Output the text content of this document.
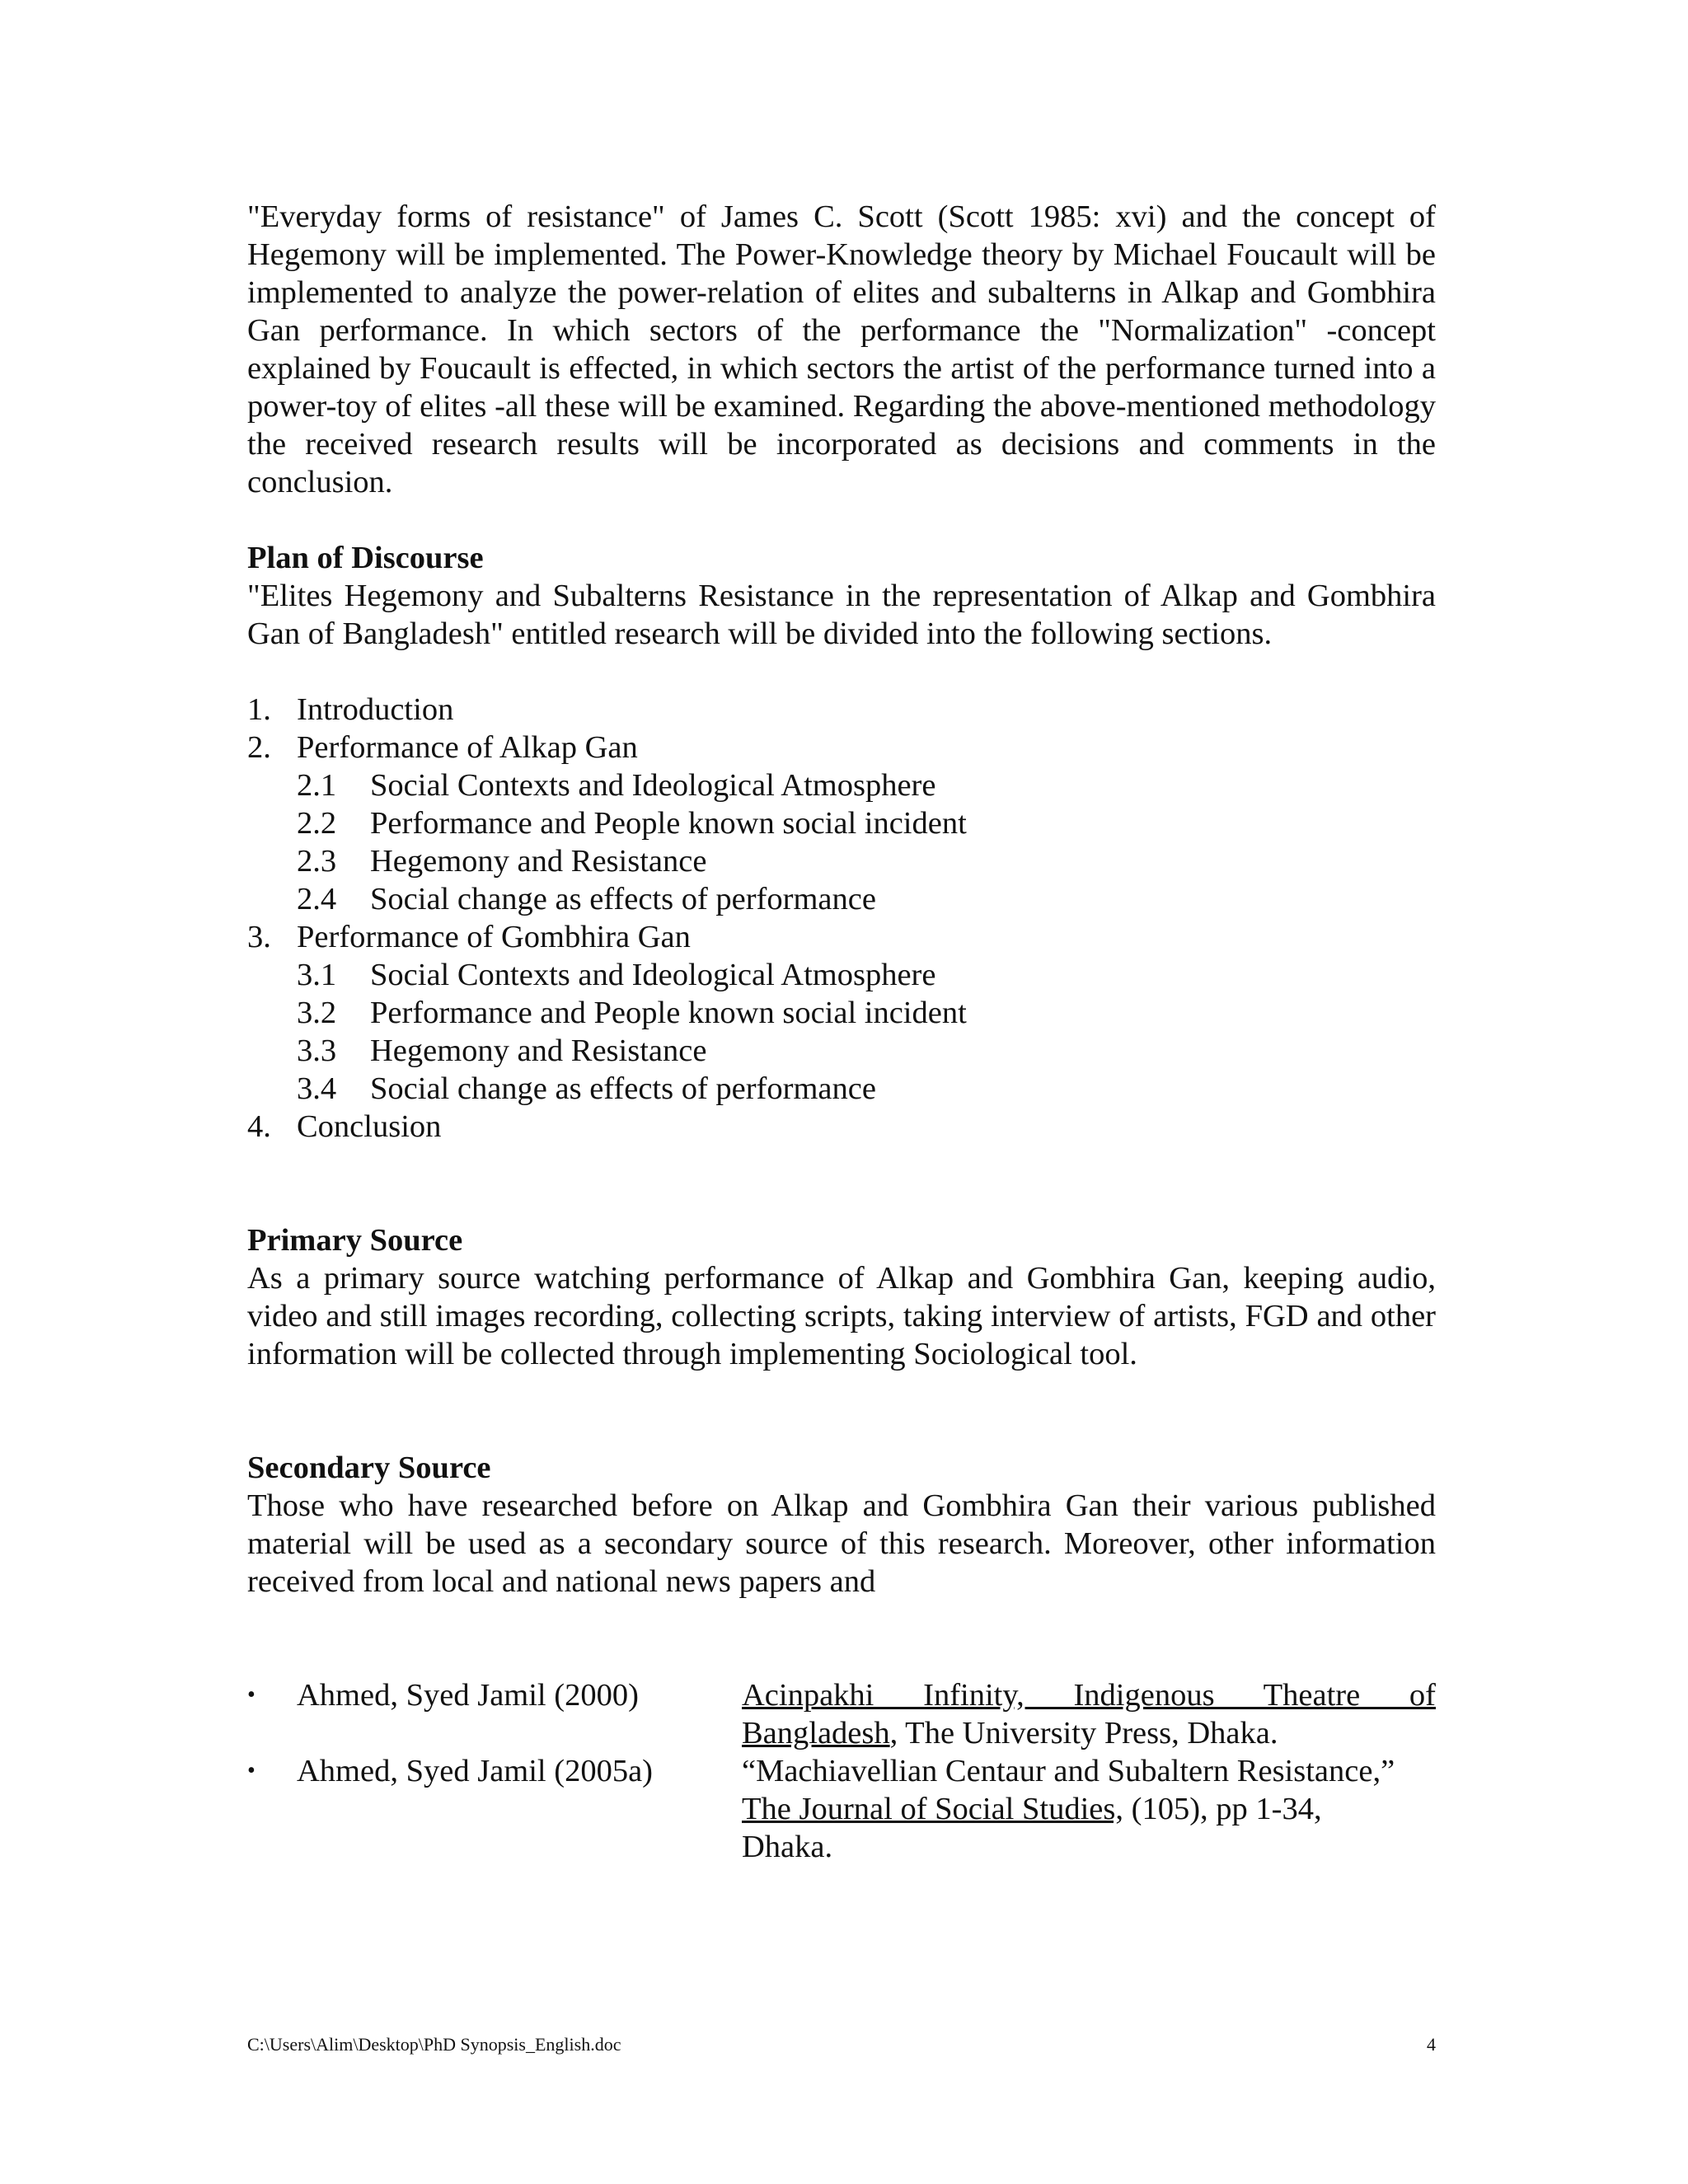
"Everyday forms of resistance" of James C. Scott (Scott 1985: xvi) and the concept of Hegemony will be implemented. The Power-Knowledge theory by Michael Foucault will be implemented to analyze the power-relation of elites and subalterns in Alkap and Gombhira Gan performance. In which sectors of the performance the "Normalization" -concept explained by Foucault is effected, in which sectors the artist of the performance turned into a power-toy of elites -all these will be examined. Regarding the above-mentioned methodology the received research results will be incorporated as decisions and comments in the conclusion.

Plan of Discourse

"Elites Hegemony and Subalterns Resistance in the representation of Alkap and Gombhira Gan of Bangladesh" entitled research will be divided into the following sections.

1. Introduction
2. Performance of Alkap Gan
2.1	Social Contexts and Ideological Atmosphere
2.2	Performance and People known social incident
2.3	Hegemony and Resistance
2.4	Social change as effects of performance
3. Performance of Gombhira Gan
3.1	Social Contexts and Ideological Atmosphere
3.2	Performance and People known social incident
3.3	Hegemony and Resistance
3.4	Social change as effects of performance
4. Conclusion

Primary Source

As a primary source watching performance of Alkap and Gombhira Gan, keeping audio, video and still images recording, collecting scripts, taking interview of artists, FGD and other information will be collected through implementing Sociological tool.

Secondary Source

Those who have researched before on Alkap and Gombhira Gan their various published material will be used as a secondary source of this research. Moreover, other information received from local and national news papers and

•	Ahmed, Syed Jamil (2000)	Acinpakhi Infinity, Indigenous Theatre of
Bangladesh, The University Press, Dhaka.
•	Ahmed, Syed Jamil (2005a)	“Machiavellian Centaur and Subaltern Resistance,”
The Journal of Social Studies, (105), pp 1-34,
Dhaka.
C:\Users\Alim\Desktop\PhD Synopsis_English.doc	4
